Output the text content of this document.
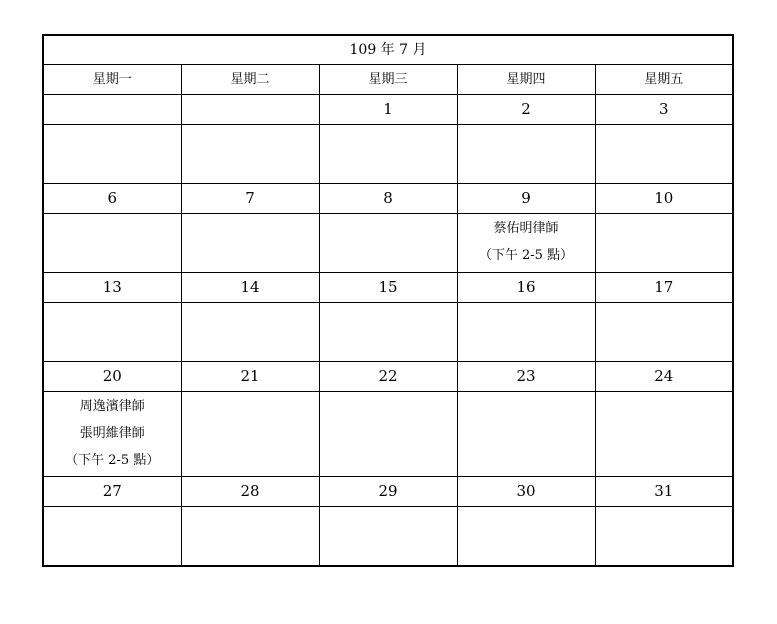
109 年 7 月				
星期一	星期二	星期三	星期四	星期五
		1	2	3

6	7	8	9	10

			蔡佑明律師
（下午 2-5 點）	

13	14	15	16	17

20	21	22	23	24

周逸濱律師
張明維律師
（下午 2-5 點）				

27	28	29	30	31
